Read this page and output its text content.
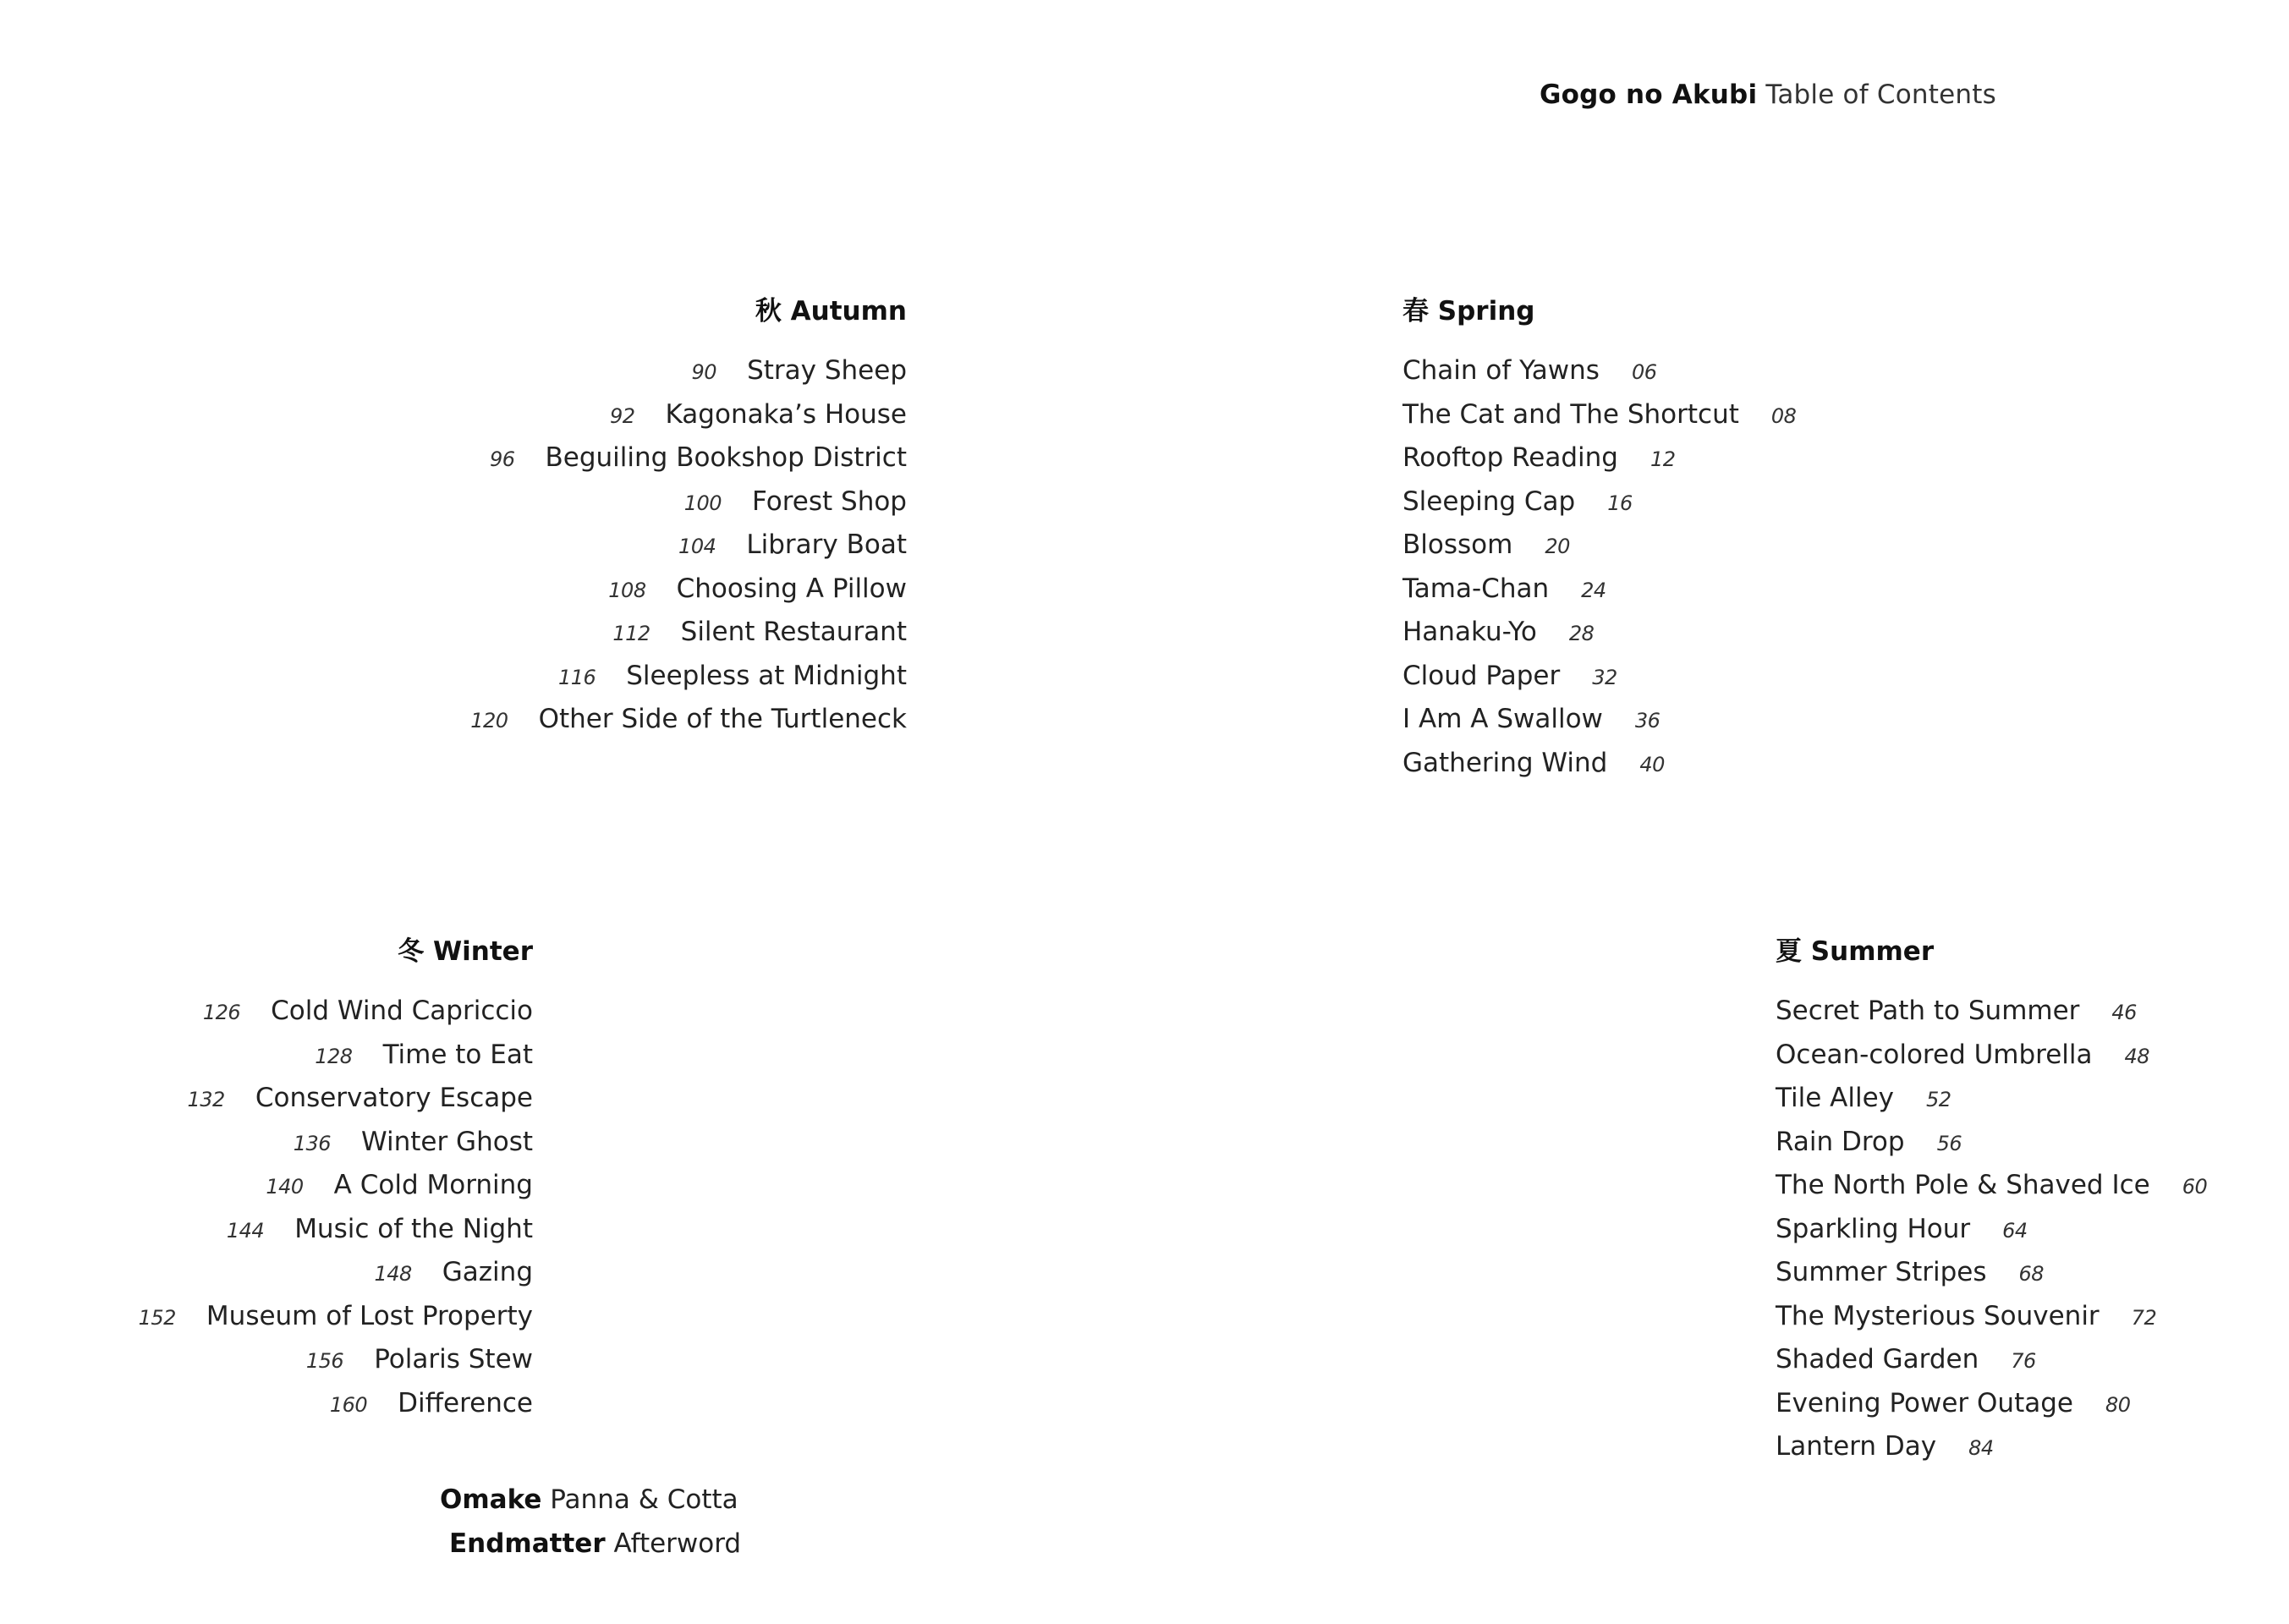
Gogo no Akubi Table of Contents
秋 Autumn
90 Stray Sheep
92 Kagonaka’s House
96 Beguiling Bookshop District
100 Forest Shop
104 Library Boat
108 Choosing A Pillow
112 Silent Restaurant
116 Sleepless at Midnight
120 Other Side of the Turtleneck
春 Spring
Chain of Yawns 06
The Cat and The Shortcut 08
Rooftop Reading 12
Sleeping Cap 16
Blossom 20
Tama-Chan 24
Hanaku-Yo 28
Cloud Paper 32
I Am A Swallow 36
Gathering Wind 40
冬 Winter
126 Cold Wind Capriccio
128 Time to Eat
132 Conservatory Escape
136 Winter Ghost
140 A Cold Morning
144 Music of the Night
148 Gazing
152 Museum of Lost Property
156 Polaris Stew
160 Difference
夏 Summer
Secret Path to Summer 46
Ocean-colored Umbrella 48
Tile Alley 52
Rain Drop 56
The North Pole & Shaved Ice 60
Sparkling Hour 64
Summer Stripes 68
The Mysterious Souvenir 72
Shaded Garden 76
Evening Power Outage 80
Lantern Day 84
Omake Panna & Cotta
Endmatter Afterword
